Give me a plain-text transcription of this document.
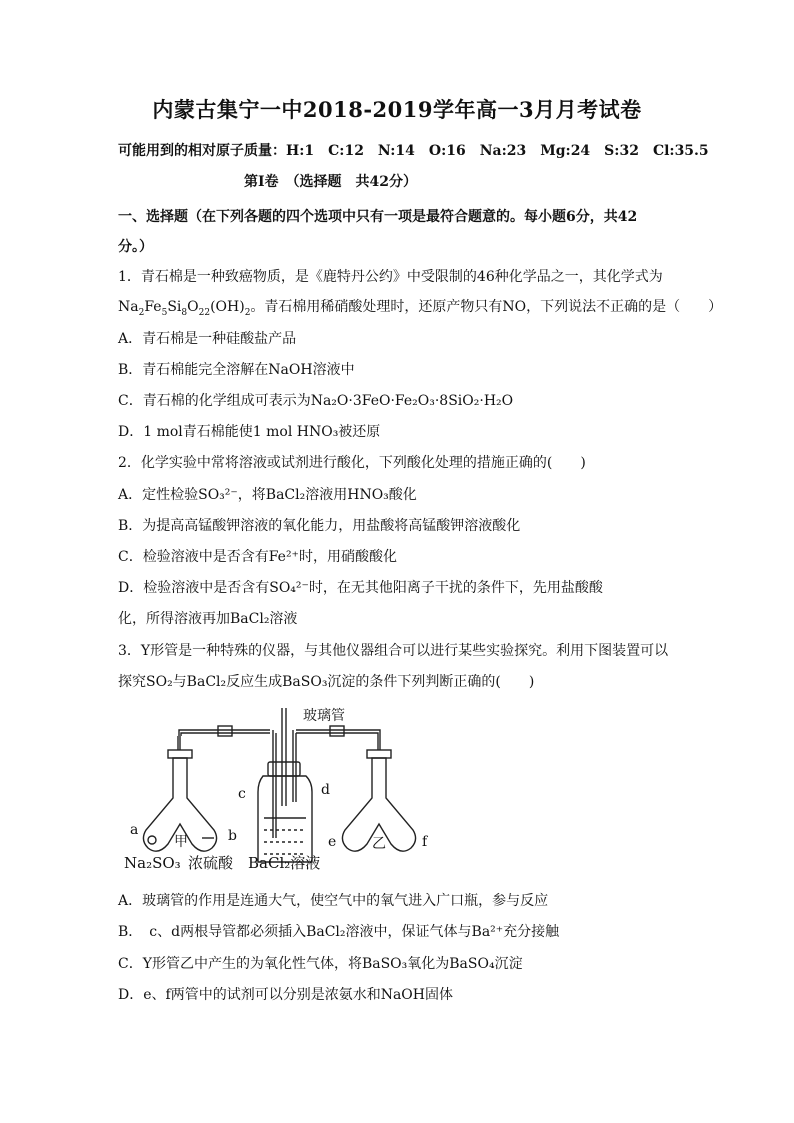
内蒙古集宁一中2018-2019学年高一3月月考试卷
可能用到的相对原子质量：H:1　C:12　N:14　O:16　Na:23　Mg:24　S:32　Cl:35.5
第Ⅰ卷　（选择题　共42分）
一、选择题（在下列各题的四个选项中只有一项是最符合题意的。每小题6分，共42
分。）
1．青石棉是一种致癌物质，是《鹿特丹公约》中受限制的46种化学品之一，其化学式为
$Na_2Fe_5Si_8O_{22}(OH)_2$。青石棉用稀硝酸处理时，还原产物只有NO，下列说法不正确的是（　　）
A．青石棉是一种硅酸盐产品
B．青石棉能完全溶解在NaOH溶液中
C．青石棉的化学组成可表示为Na₂O·3FeO·Fe₂O₃·8SiO₂·H₂O
D．1 mol青石棉能使1 mol HNO₃被还原
2．化学实验中常将溶液或试剂进行酸化，下列酸化处理的措施正确的(　　)
A．定性检验SO₃²⁻，将BaCl₂溶液用HNO₃酸化
B．为提高高锰酸钾溶液的氧化能力，用盐酸将高锰酸钾溶液酸化
C．检验溶液中是否含有Fe²⁺时，用硝酸酸化
D．检验溶液中是否含有SO₄²⁻时，在无其他阳离子干扰的条件下，先用盐酸酸
化，所得溶液再加BaCl₂溶液
3．Y形管是一种特殊的仪器，与其他仪器组合可以进行某些实验探究。利用下图装置可以
探究SO₂与BaCl₂反应生成BaSO₃沉淀的条件下列判断正确的(　　)
玻璃管
c	d
a	b
甲	乙
e	f
Na₂SO₃ 浓硫酸 BaCl₂溶液
A．玻璃管的作用是连通大气，使空气中的氧气进入广口瓶，参与反应
B．　c、d两根导管都必须插入BaCl₂溶液中，保证气体与Ba²⁺充分接触
C．Y形管乙中产生的为氧化性气体，将BaSO₃氧化为BaSO₄沉淀
D．e、f两管中的试剂可以分别是浓氨水和NaOH固体
